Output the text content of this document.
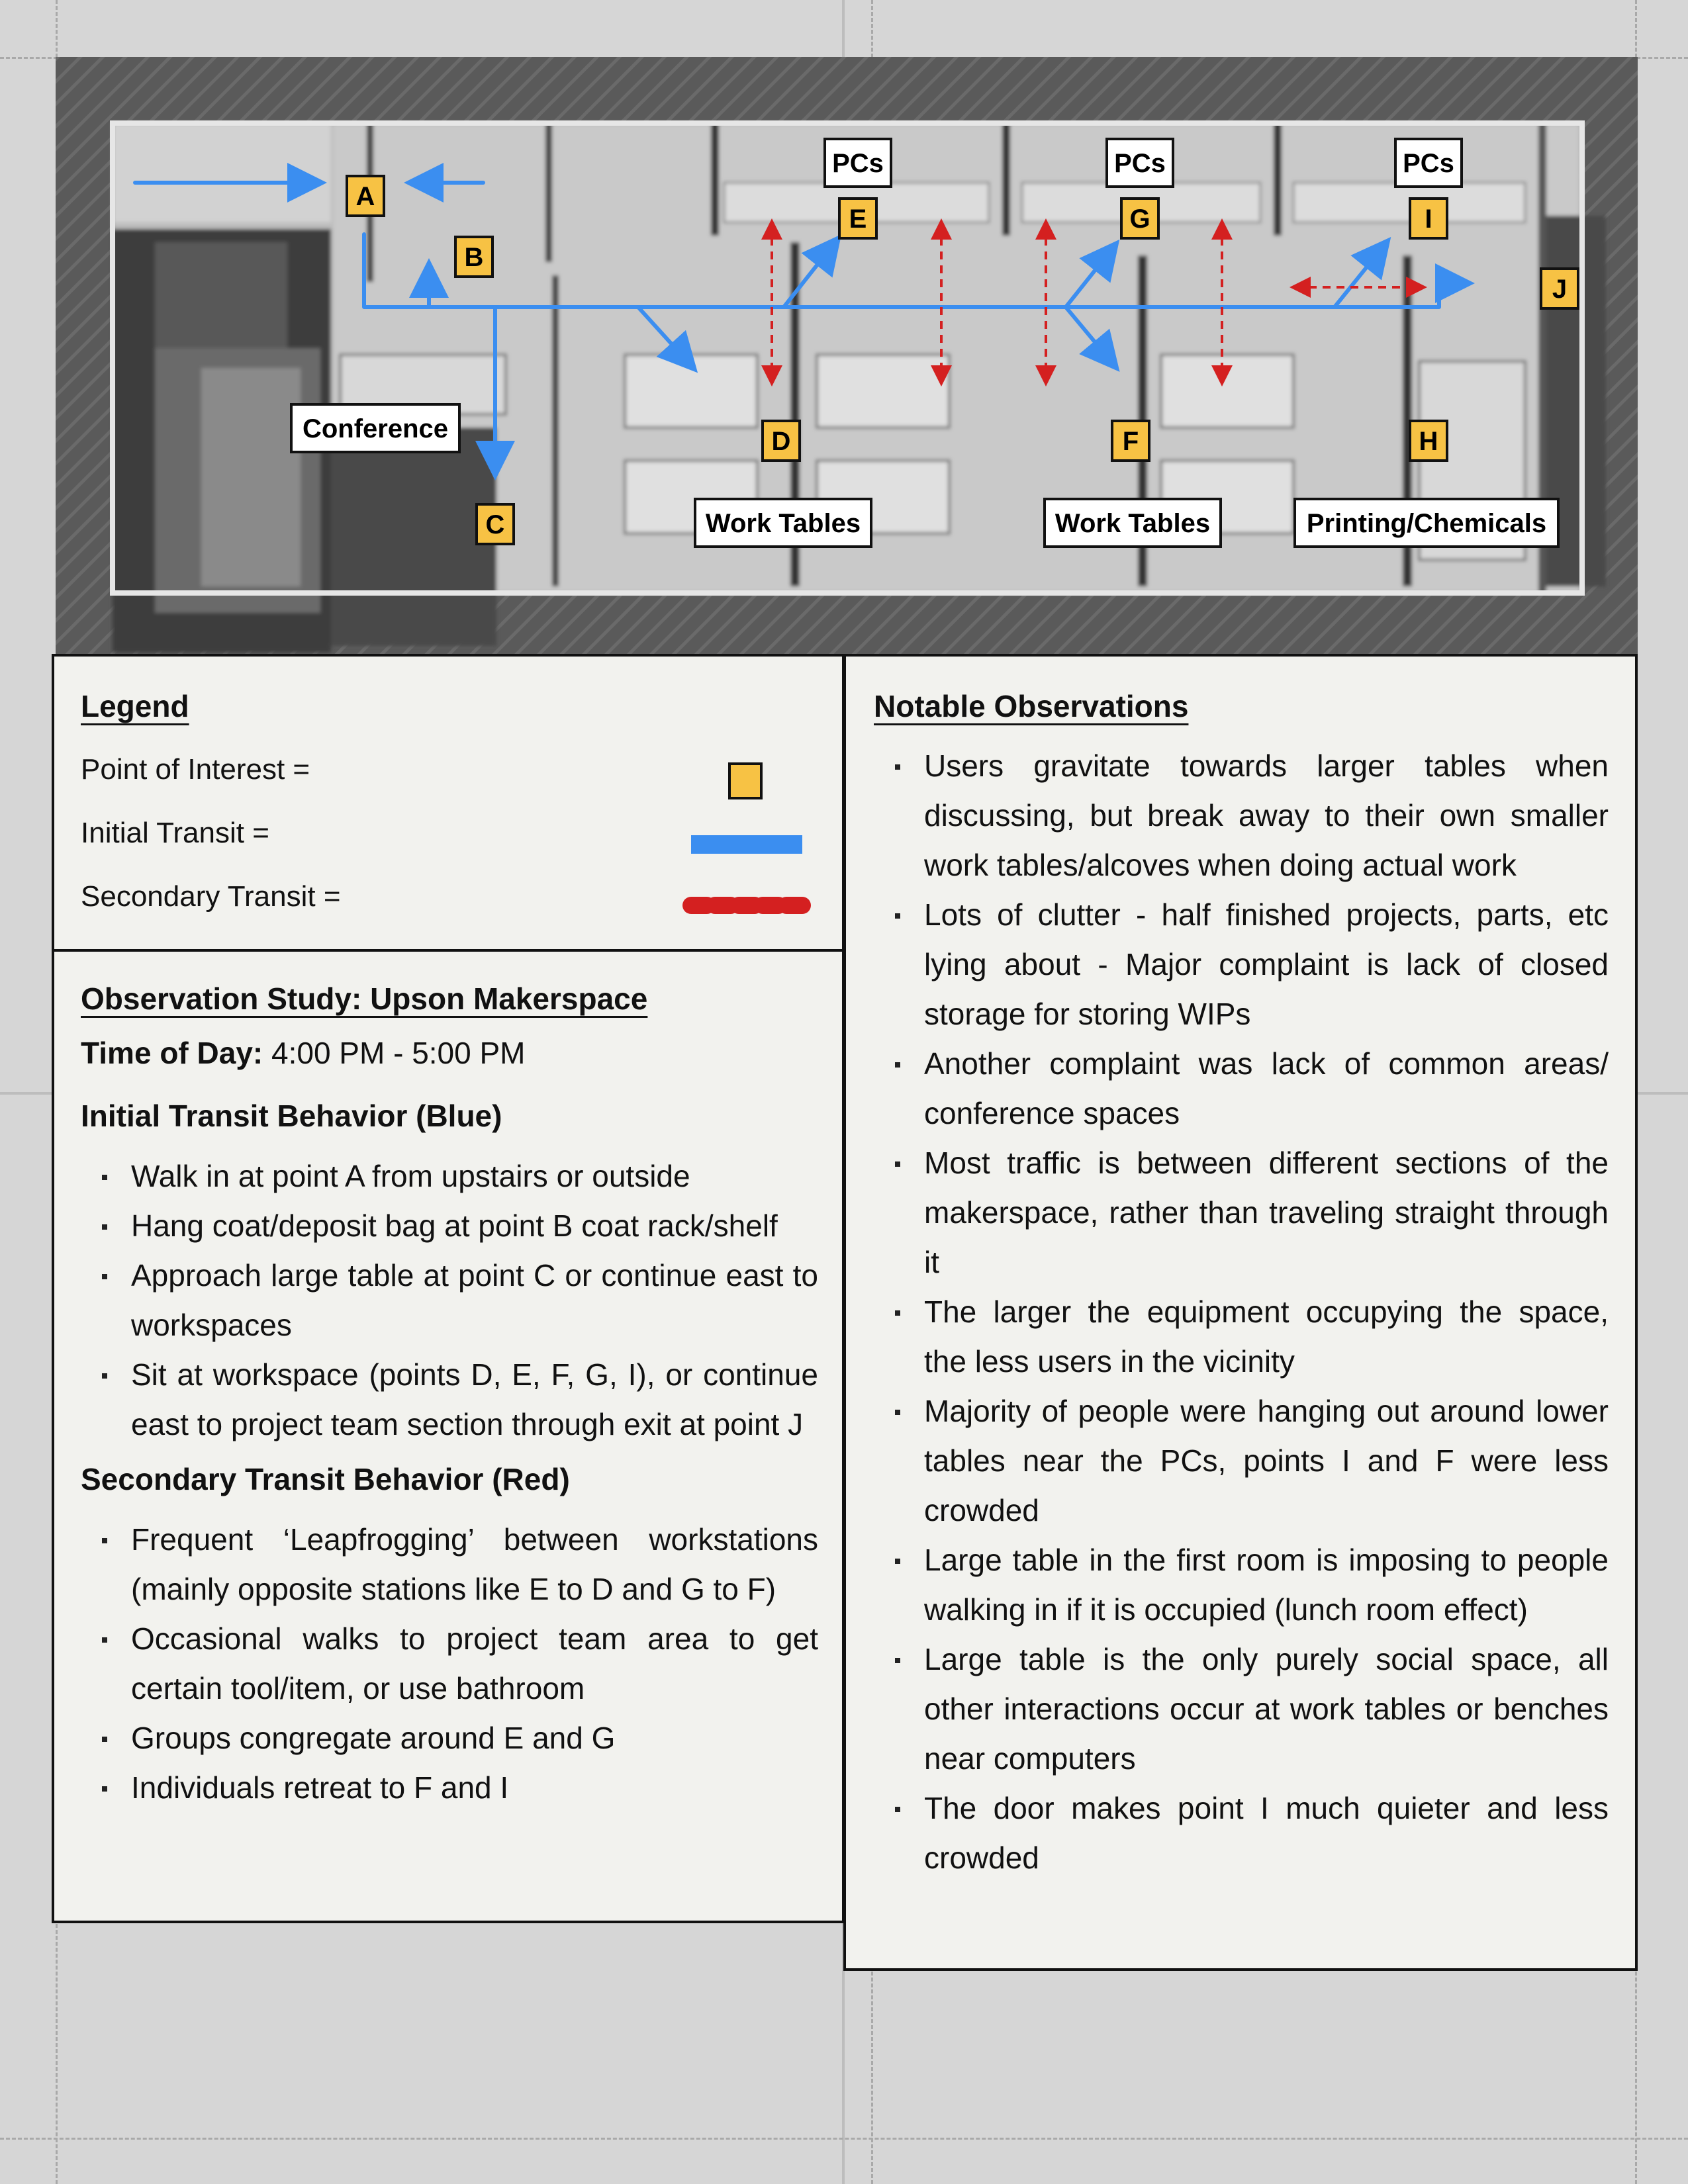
Conference
PCs	PCs	PCs
Work Tables	Work Tables	Printing/Chemicals
A
B
C
D
E
F
G
H
I
J
Legend
Point of Interest =
Initial Transit =
Secondary Transit =
Observation Study: Upson Makerspace
Time of Day: 4:00 PM - 5:00 PM
Initial Transit Behavior (Blue)
Walk in at point A from upstairs or outside
Hang coat/deposit bag at point B coat rack/shelf
Approach large table at point C or continue east to workspaces
Sit at workspace (points D, E, F, G, I), or continue east to project team section through exit at point J
Secondary Transit Behavior (Red)
Frequent ‘Leapfrogging’ between workstations (mainly opposite stations like E to D and G to F)
Occasional walks to project team area to get certain tool/item, or use bathroom
Groups congregate around E and G
Individuals retreat to F and I
Notable Observations
Users gravitate towards larger tables when discussing, but break away to their own smaller work tables/alcoves when doing actual work
Lots of clutter - half finished projects, parts, etc lying about - Major complaint is lack of closed storage for storing WIPs
Another complaint was lack of common areas/ conference spaces
Most traffic is between different sections of the makerspace, rather than traveling straight through it
The larger the equipment occupying the space, the less users in the vicinity
Majority of people were hanging out around lower tables near the PCs, points I and F were less crowded
Large table in the first room is imposing to people walking in if it is occupied (lunch room effect)
Large table is the only purely social space, all other interactions occur at work tables or benches near computers
The door makes point I much quieter and less crowded
